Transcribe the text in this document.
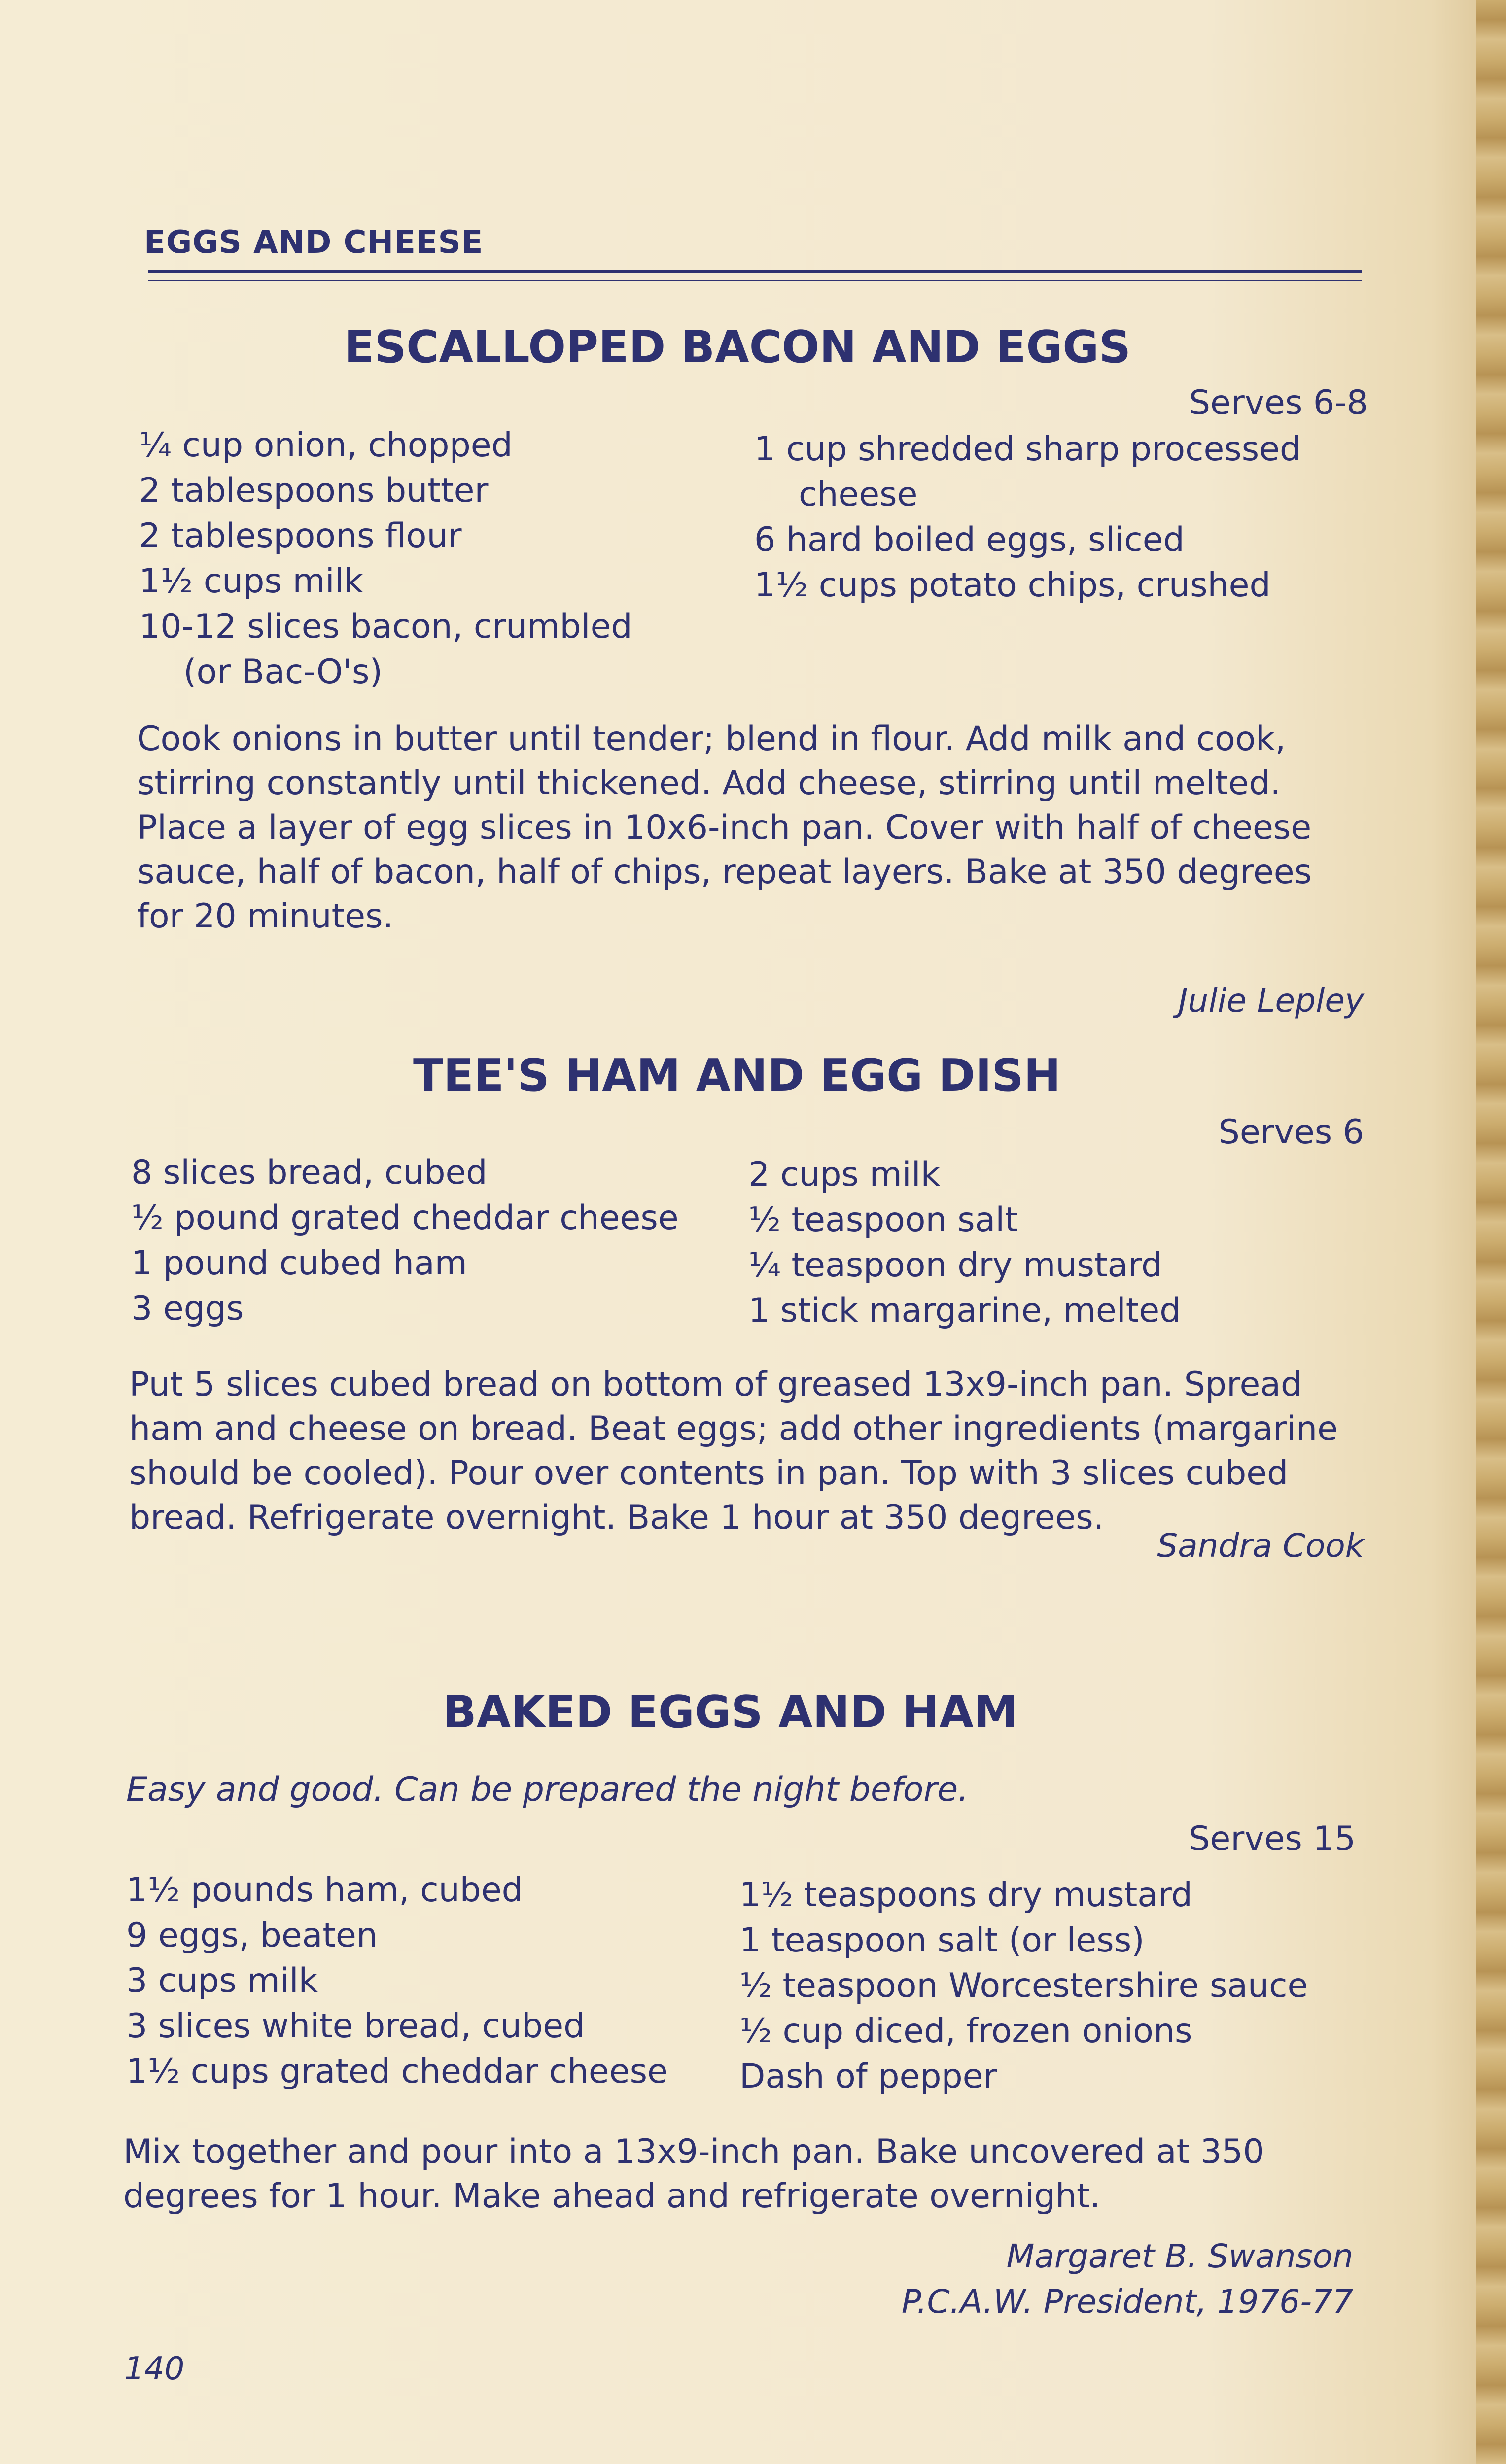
EGGS AND CHEESE
ESCALLOPED BACON AND EGGS
Serves 6-8
¼ cup onion, chopped
2 tablespoons butter
2 tablespoons flour
1½ cups milk
10-12 slices bacon, crumbled
(or Bac-O's)
1 cup shredded sharp processed
cheese
6 hard boiled eggs, sliced
1½ cups potato chips, crushed
Cook onions in butter until tender; blend in flour. Add milk and cook,
stirring constantly until thickened. Add cheese, stirring until melted.
Place a layer of egg slices in 10x6-inch pan. Cover with half of cheese
sauce, half of bacon, half of chips, repeat layers. Bake at 350 degrees
for 20 minutes.
Julie Lepley
TEE'S HAM AND EGG DISH
Serves 6
8 slices bread, cubed
½ pound grated cheddar cheese
1 pound cubed ham
3 eggs
2 cups milk
½ teaspoon salt
¼ teaspoon dry mustard
1 stick margarine, melted
Put 5 slices cubed bread on bottom of greased 13x9-inch pan. Spread
ham and cheese on bread. Beat eggs; add other ingredients (margarine
should be cooled). Pour over contents in pan. Top with 3 slices cubed
bread. Refrigerate overnight. Bake 1 hour at 350 degrees.
Sandra Cook
BAKED EGGS AND HAM
Easy and good. Can be prepared the night before.
Serves 15
1½ pounds ham, cubed
9 eggs, beaten
3 cups milk
3 slices white bread, cubed
1½ cups grated cheddar cheese
1½ teaspoons dry mustard
1 teaspoon salt (or less)
½ teaspoon Worcestershire sauce
½ cup diced, frozen onions
Dash of pepper
Mix together and pour into a 13x9-inch pan. Bake uncovered at 350
degrees for 1 hour. Make ahead and refrigerate overnight.
Margaret B. Swanson
P.C.A.W. President, 1976-77
140
